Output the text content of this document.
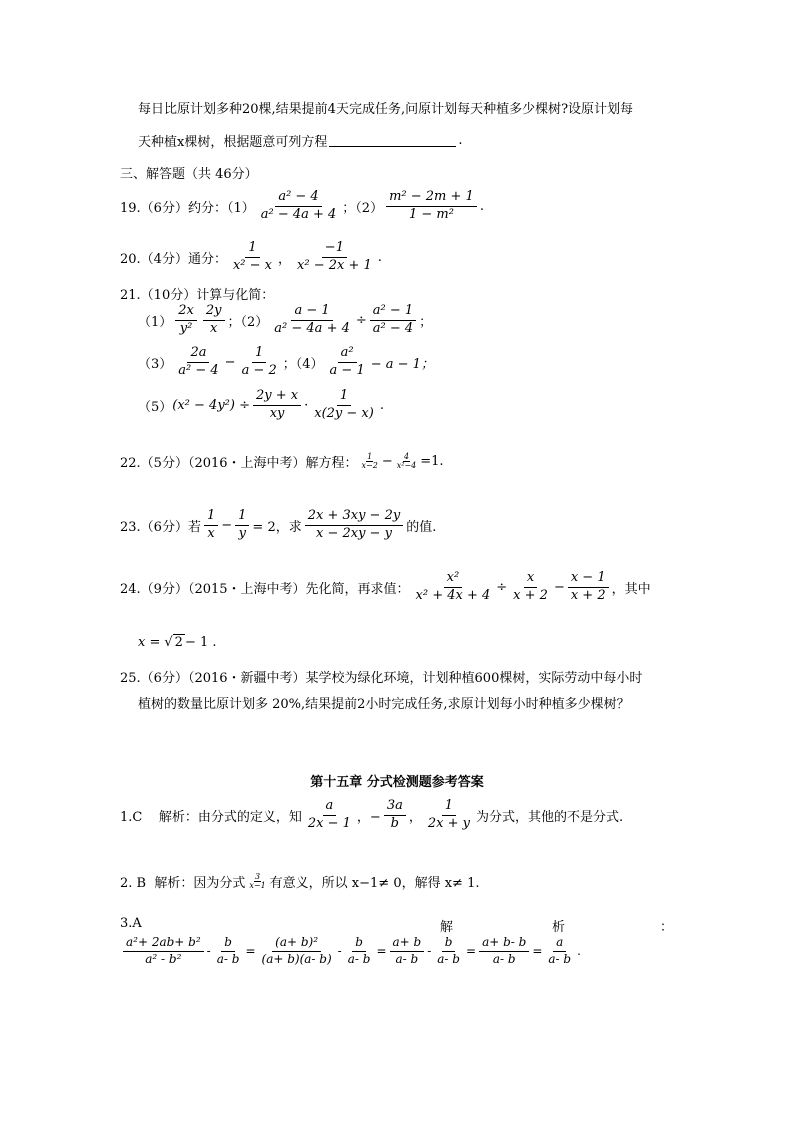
每日比原计划多种20棵,结果提前4天完成任务,问原计划每天种植多少棵树?设原计划每
天种植x棵树，根据题意可列方程	.
三、解答题（共 46分）
19.（6分）约分：$(1) \frac{\text{a² − 4}}{\text{a² − 4a + 4}}$ ；$(2) \frac{\text{m² − 2m + 1}}{\text{1 − m²}}$ .
20.（4分）通分： $\frac{1}{\text{x² − x}}$ ， $\frac{-1}{\text{x² − 2x + 1}}$ .
21.（10分）计算与化简：
$(1) \frac{2x}{\text{y²}} \frac{2y}{x}$ ；$(2) \frac{a - 1}{\text{a² − 4a + 4}} \div \frac{\text{a² − 1}}{\text{a² − 4}}$ ；
$(3) \frac{2a}{\text{a² − 4}} - \frac{1}{a - 2}$ ；$(4) \frac{\text{a²}}{a - 1} - a - 1$；
（5） $(x^2 - 4y^2) \div \frac{2y + x}{xy} \cdot \frac{1}{x(2y - x)}$ .
22.（5分）（2016・上海中考）解方程： $\frac{1}{x-2} - \frac{4}{\text{x²−4}} =1$.
23.（6分）若 $\frac{1}{x} - \frac{1}{y} = 2$，求 $\frac{2x + 3xy - 2y}{x - 2xy - y}$ 的值.
24.（9分）（2015・上海中考）先化简，再求值： $\frac{\text{x²}}{\text{x² + 4x + 4}} \div \frac{x}{x + 2} - \frac{x - 1}{x + 2}$ ，其中
x = √ 2 − 1 .
25.（6分）（2016・新疆中考）某学校为绿化环境，计划种植600棵树，实际劳动中每小时
植树的数量比原计划多 20%,结果提前2小时完成任务,求原计划每小时种植多少棵树？
第十五章 分式检测题参考答案
1.C    解析：由分式的定义，知 $\frac{a}{2x - 1}$ ，− $\frac{3a}{b}$ ， $\frac{1}{2x + y}$ 为分式，其他的不是分式.
2. B  解析：因为分式 $\frac{3}{x-1}$ 有意义，所以 x−1≠ 0，解得 x≠ 1.
3.A	解	析	：
$\frac{\text{a²+ 2ab+ b²}}{\text{a² - b²}} - \frac{b}{a- b} = \frac{\text{(a+ b)²}}{(a+ b)(a- b)} - \frac{b}{a- b} = \frac{a+ b}{a- b} - \frac{b}{a- b} = \frac{a+ b- b}{a- b} = \frac{a}{a- b}$ .
